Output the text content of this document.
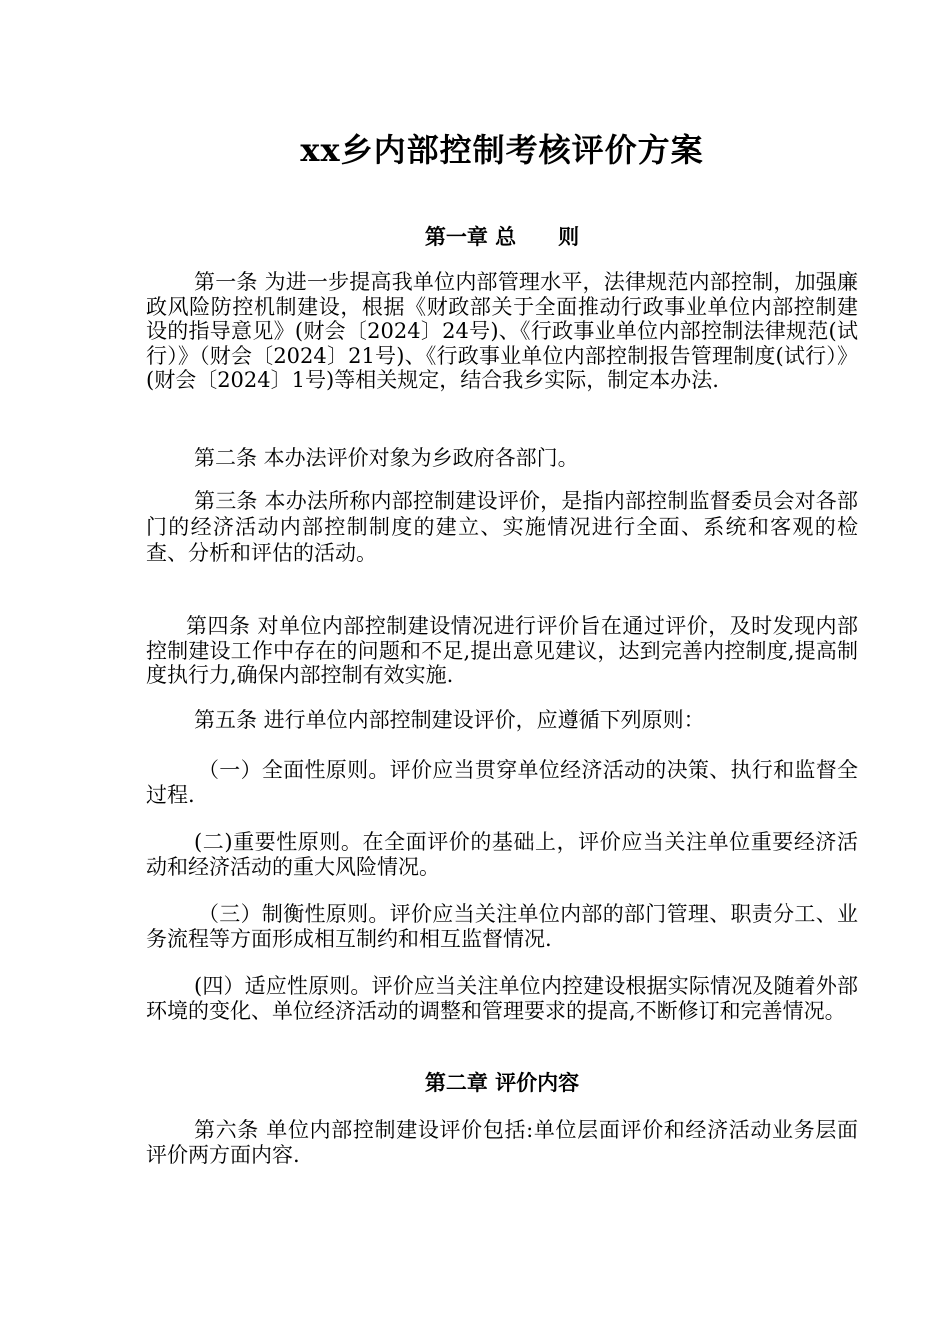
xx乡内部控制考核评价方案
第一章 总　　则

第一条 为进一步提高我单位内部管理水平，法律规范内部控制，加强廉政风险防控机制建设，根据《财政部关于全面推动行政事业单位内部控制建设的指导意见》(财会〔2024〕24号)、《行政事业单位内部控制法律规范(试行）》（财会〔2024〕21号)、《行政事业单位内部控制报告管理制度(试行）》(财会〔2024〕1号)等相关规定，结合我乡实际，制定本办法.

第二条 本办法评价对象为乡政府各部门。

第三条 本办法所称内部控制建设评价，是指内部控制监督委员会对各部门的经济活动内部控制制度的建立、实施情况进行全面、系统和客观的检查、分析和评估的活动。

第四条 对单位内部控制建设情况进行评价旨在通过评价，及时发现内部控制建设工作中存在的问题和不足,提出意见建议，达到完善内控制度,提高制度执行力,确保内部控制有效实施.

第五条 进行单位内部控制建设评价，应遵循下列原则：

（一）全面性原则。评价应当贯穿单位经济活动的决策、执行和监督全过程.

(二)重要性原则。在全面评价的基础上，评价应当关注单位重要经济活动和经济活动的重大风险情况。

（三）制衡性原则。评价应当关注单位内部的部门管理、职责分工、业务流程等方面形成相互制约和相互监督情况.

(四）适应性原则。评价应当关注单位内控建设根据实际情况及随着外部环境的变化、单位经济活动的调整和管理要求的提高,不断修订和完善情况。

第二章 评价内容

第六条 单位内部控制建设评价包括:单位层面评价和经济活动业务层面评价两方面内容.
